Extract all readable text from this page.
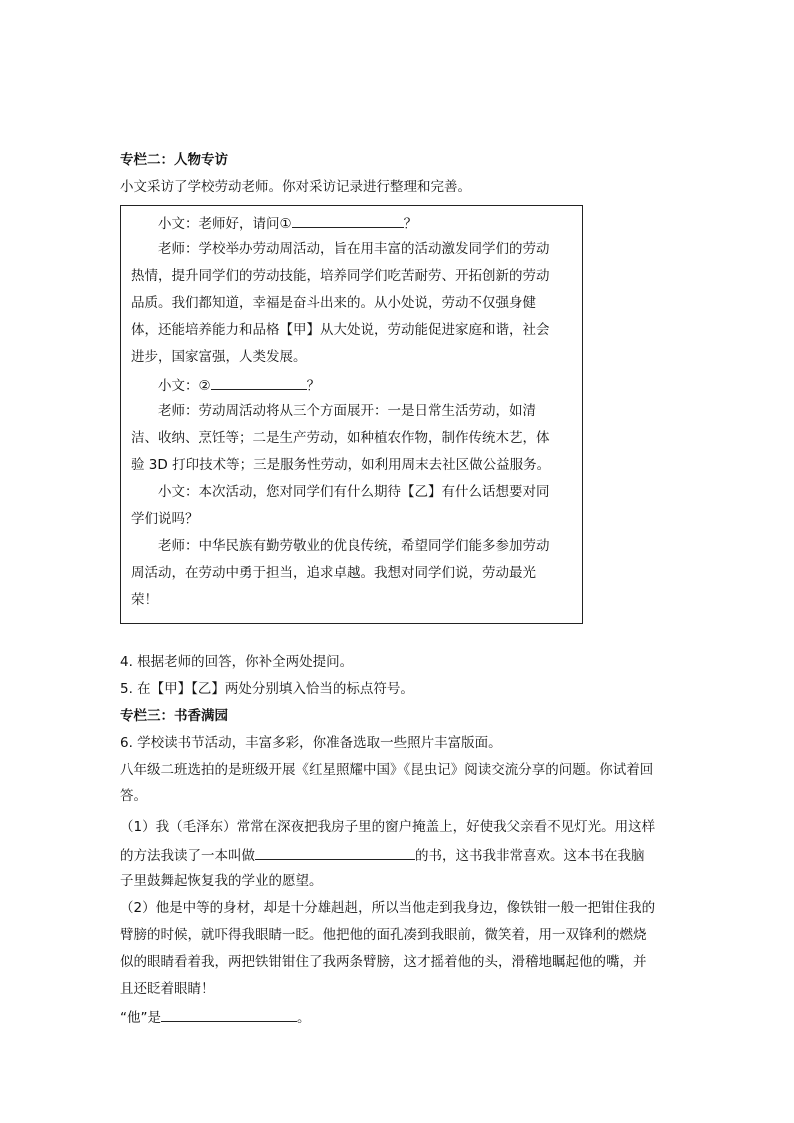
专栏二：人物专访
小文采访了学校劳动老师。你对采访记录进行整理和完善。
小文：老师好，请问①	？
老师：学校举办劳动周活动，旨在用丰富的活动激发同学们的劳动
热情，提升同学们的劳动技能，培养同学们吃苦耐劳、开拓创新的劳动
品质。我们都知道，幸福是奋斗出来的。从小处说，劳动不仅强身健
体，还能培养能力和品格【甲】从大处说，劳动能促进家庭和谐，社会
进步，国家富强，人类发展。
小文：②	？
老师：劳动周活动将从三个方面展开：一是日常生活劳动，如清
洁、收纳、烹饪等；二是生产劳动，如种植农作物，制作传统木艺，体
验 3D 打印技术等；三是服务性劳动，如利用周末去社区做公益服务。
小文：本次活动，您对同学们有什么期待【乙】有什么话想要对同
学们说吗？
老师：中华民族有勤劳敬业的优良传统，希望同学们能多参加劳动
周活动，在劳动中勇于担当，追求卓越。我想对同学们说，劳动最光
荣！
4. 根据老师的回答，你补全两处提问。
5. 在【甲】【乙】两处分别填入恰当的标点符号。
专栏三：书香满园
6. 学校读书节活动，丰富多彩，你准备选取一些照片丰富版面。
八年级二班选拍的是班级开展《红星照耀中国》《昆虫记》阅读交流分享的问题。你试着回
答。
（1）我（毛泽东）常常在深夜把我房子里的窗户掩盖上，好使我父亲看不见灯光。用这样
的方法我读了一本叫做	的书，这书我非常喜欢。这本书在我脑
子里鼓舞起恢复我的学业的愿望。
（2）他是中等的身材，却是十分雄赳赳，所以当他走到我身边，像铁钳一般一把钳住我的
臂膀的时候，就吓得我眼睛一眨。他把他的面孔凑到我眼前，微笑着，用一双锋利的燃烧
似的眼睛看着我，两把铁钳钳住了我两条臂膀，这才摇着他的头，滑稽地瞩起他的嘴，并
且还眨着眼睛！
“他”是	。
